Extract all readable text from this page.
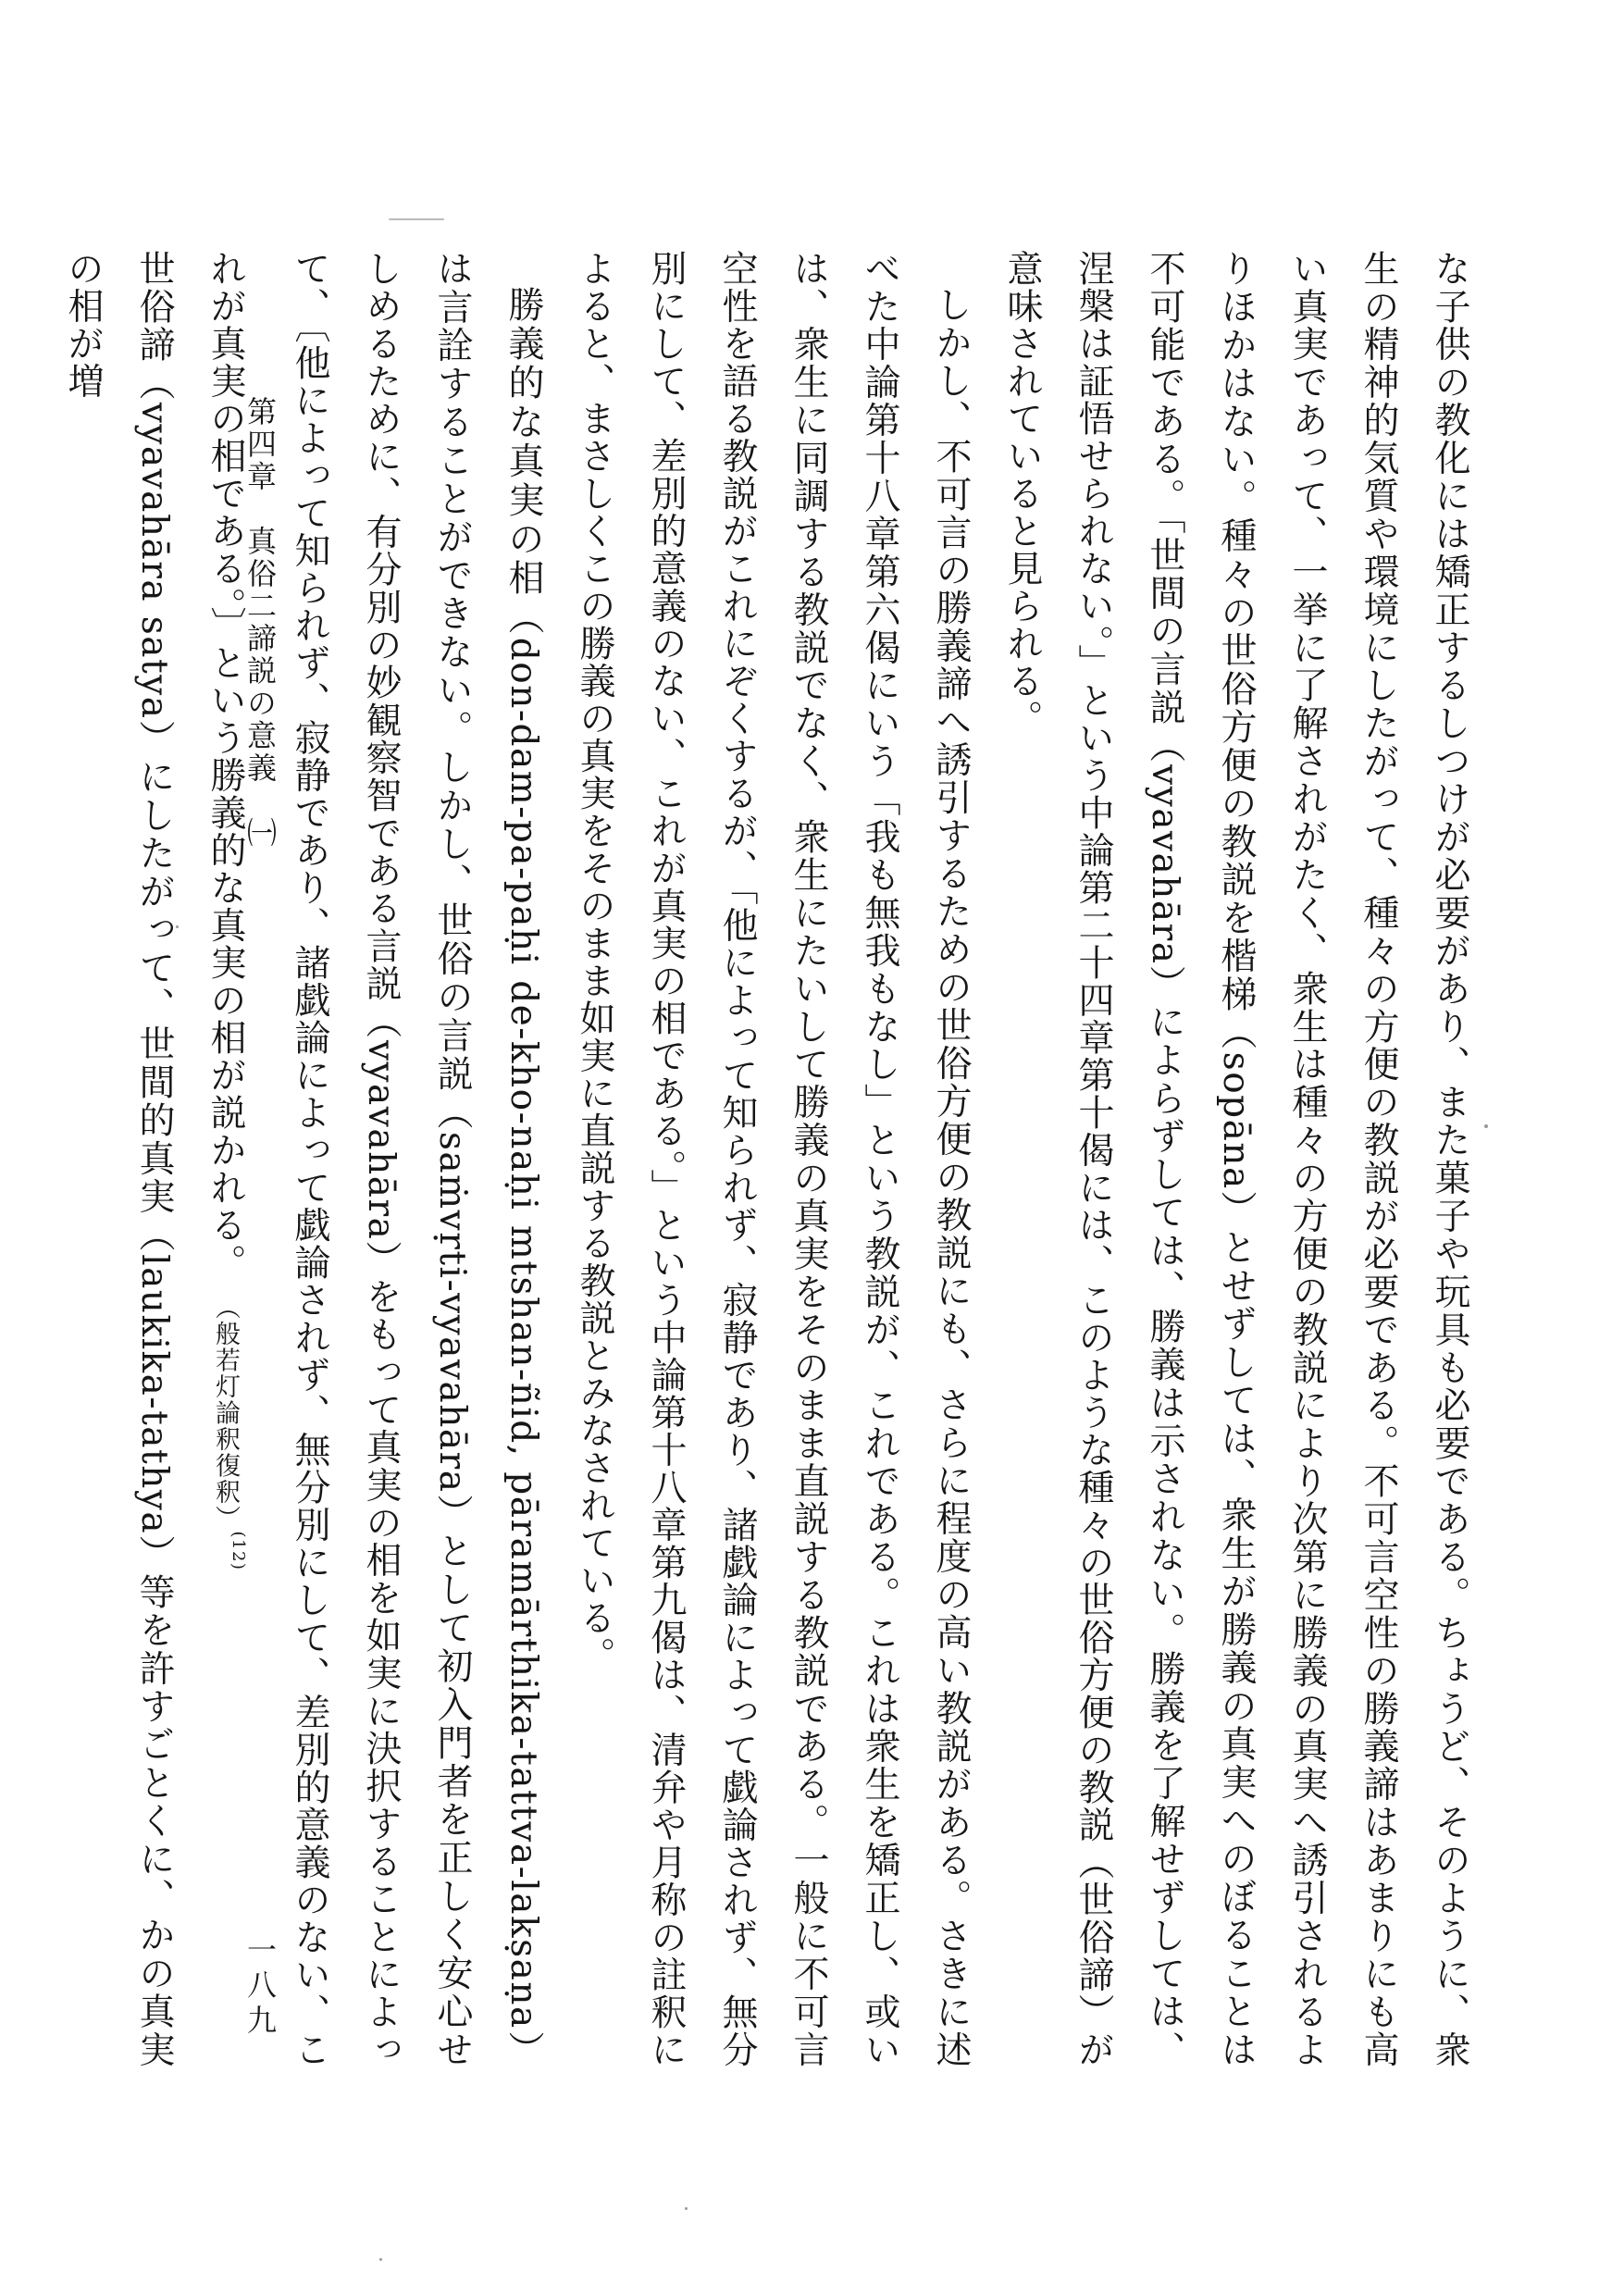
な子供の教化には矯正するしつけが必要があり、また菓子や玩具も必要である。ちょうど、そのように、衆生の精神的気質や環境にしたがって、種々の方便の教説が必要である。不可言空性の勝義諦はあまりにも高い真実であって、一挙に了解されがたく、衆生は種々の方便の教説により次第に勝義の真実へ誘引されるよりほかはない。種々の世俗方便の教説を楷梯（sopāna）とせずしては、衆生が勝義の真実へのぼることは不可能である。「世間の言説（vyavahāra）によらずしては、勝義は示されない。勝義を了解せずしては、涅槃は証悟せられない。」という中論第二十四章第十偈には、このような種々の世俗方便の教説（世俗諦）が意味されていると見られる。

しかし、不可言の勝義諦へ誘引するための世俗方便の教説にも、さらに程度の高い教説がある。さきに述べた中論第十八章第六偈にいう「我も無我もなし」という教説が、これである。これは衆生を矯正し、或いは、衆生に同調する教説でなく、衆生にたいして勝義の真実をそのまま直説する教説である。一般に不可言空性を語る教説がこれにぞくするが、「他によって知られず、寂静であり、諸戯論によって戯論されず、無分別にして、差別的意義のない、これが真実の相である。」という中論第十八章第九偈は、清弁や月称の註釈によると、まさしくこの勝義の真実をそのまま如実に直説する教説とみなされている。

勝義的な真実の相（don-dam-pa-paḥi de-kho-naḥi mtshan-ñid, pāramārthika-tattva-lakṣaṇa）は言詮することができない。しかし、世俗の言説（saṁvṛti-vyavahāra）として初入門者を正しく安心せしめるために、有分別の妙観察智である言説（vyavahāra）をもって真実の相を如実に決択することによって、〔他によって知られず、寂静であり、諸戯論によって戯論されず、無分別にして、差別的意義のない、これが真実の相である。〕という勝義的な真実の相が説かれる。（般若灯論釈復釈）$^{(12)}$

世俗諦（vyavahāra satya）にしたがって、世間的真実（laukika-tathya）等を許すごとくに、かの真実の相が増

第四章　真俗二諦説の意義　㈠
一八九
